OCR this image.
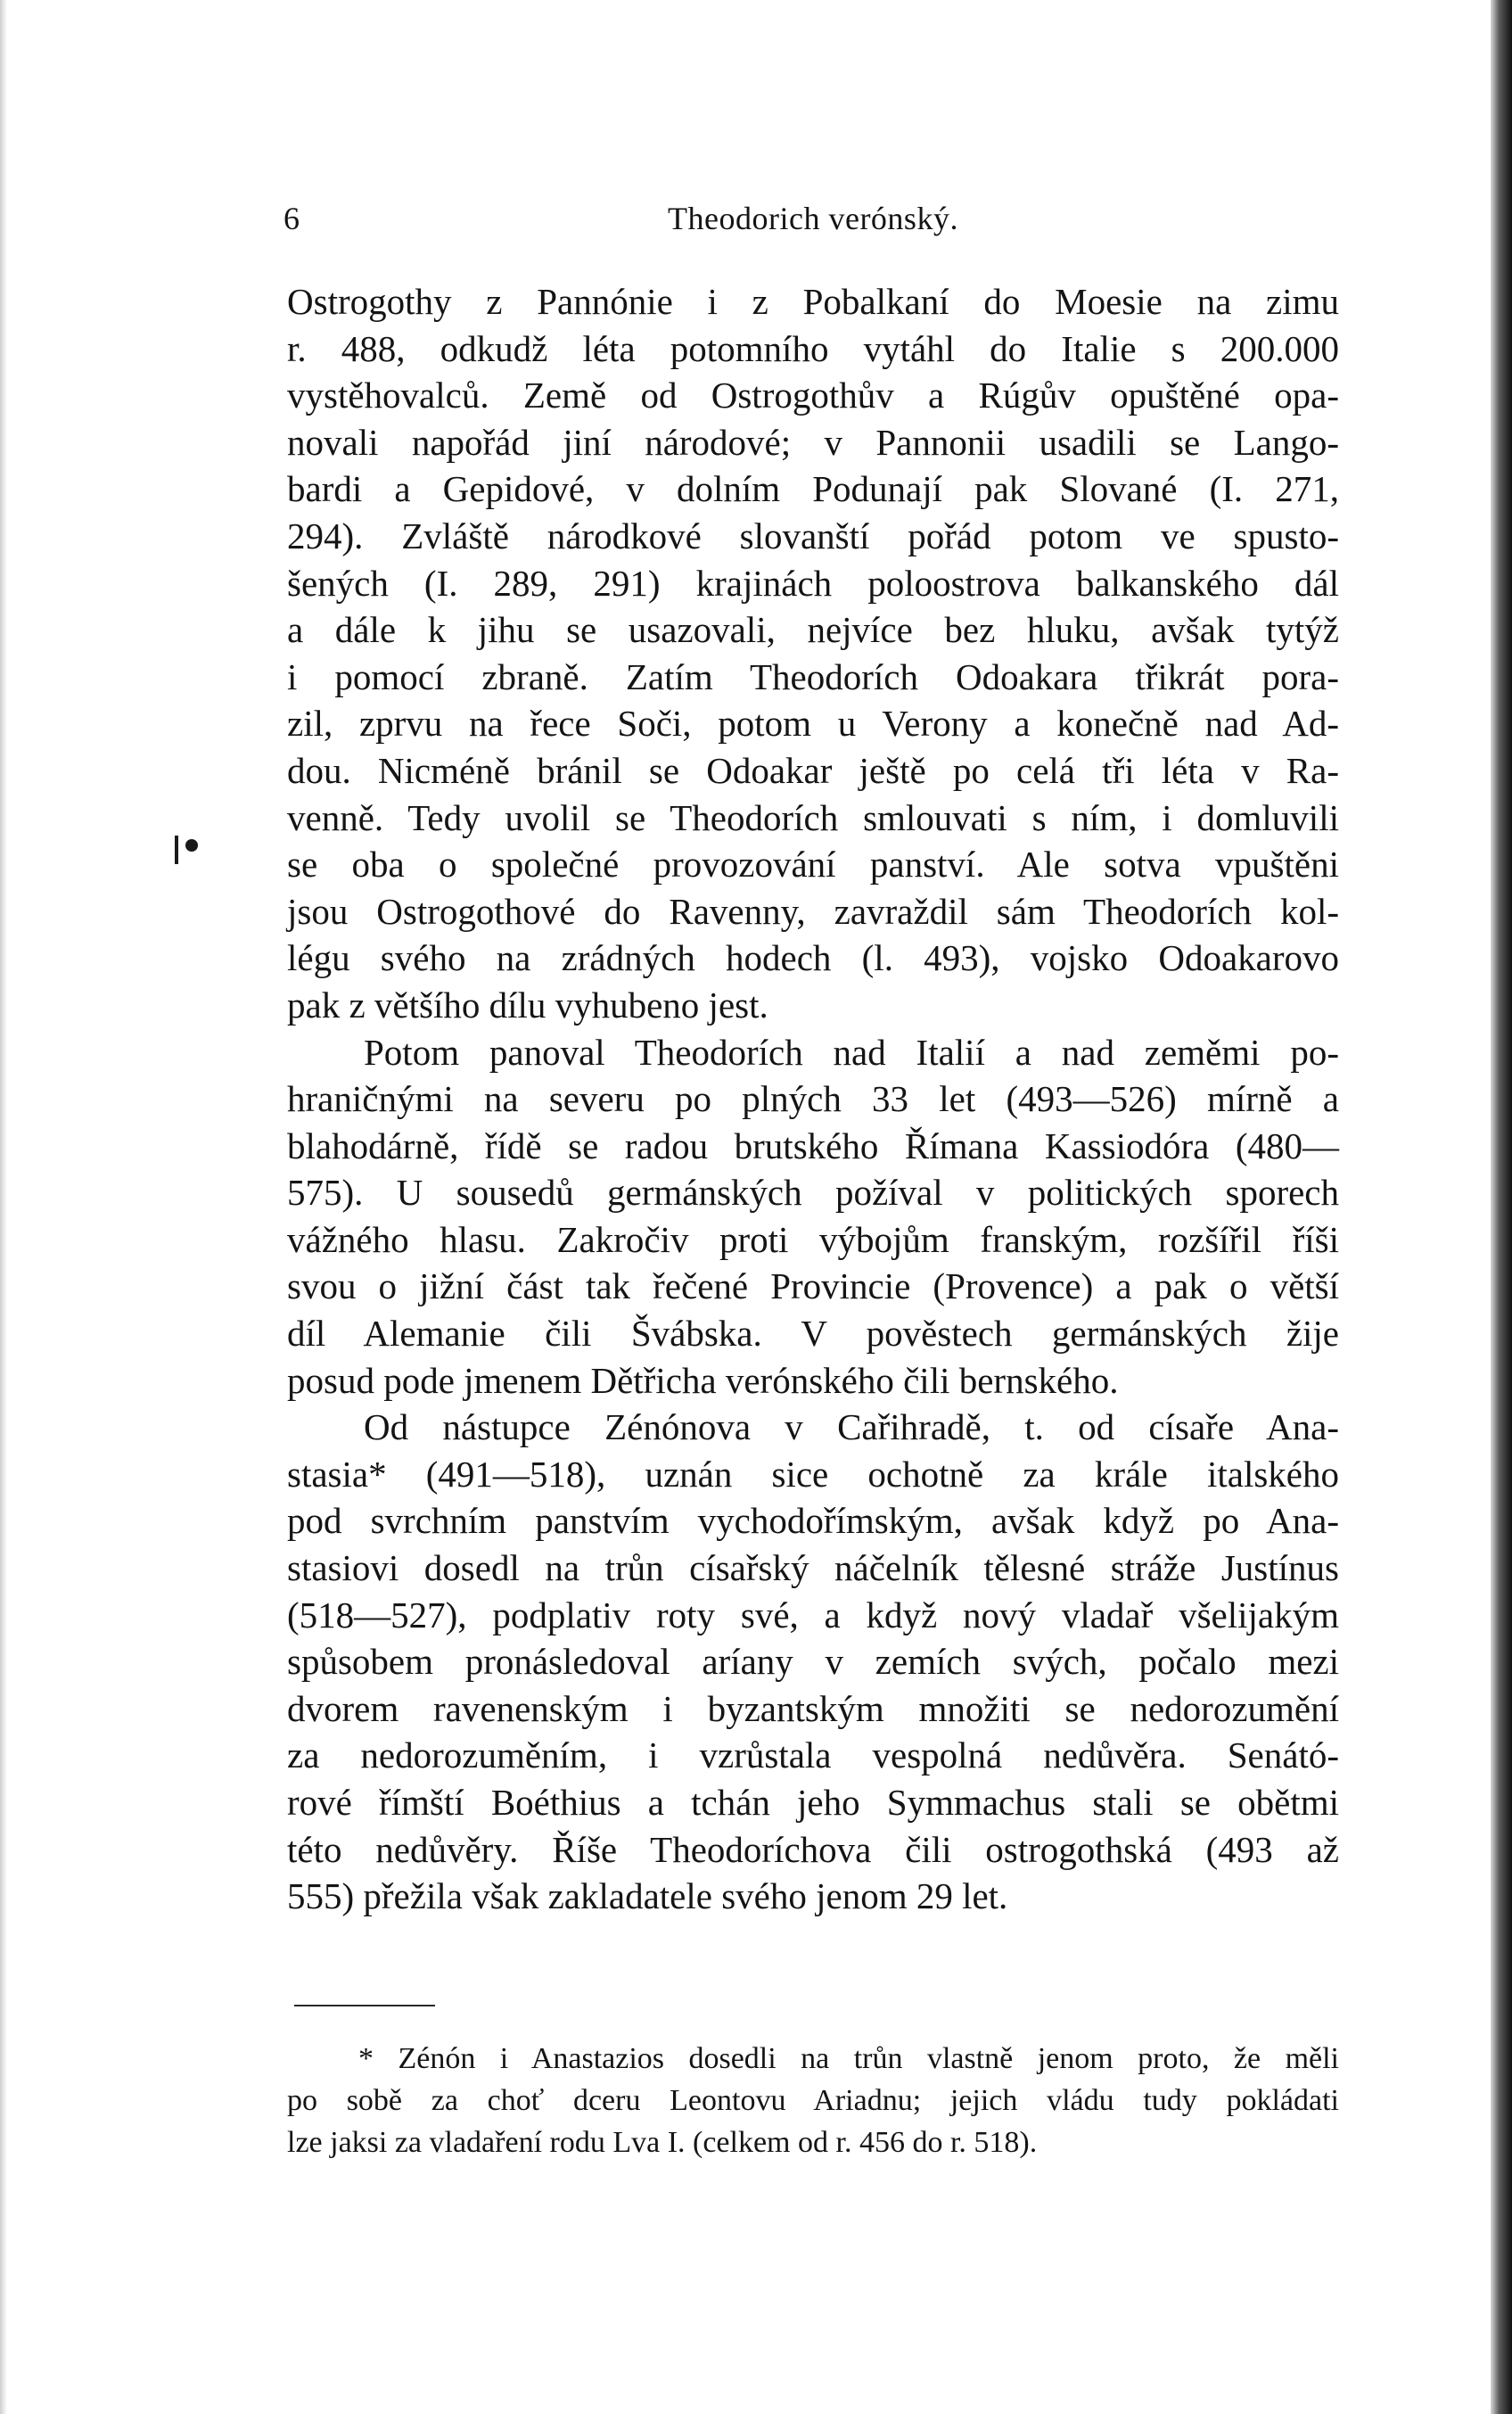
6	Theodorich verónský.
Ostrogothy z Pannónie i z Pobalkaní do Moesie na zimu
r. 488, odkudž léta potomního vytáhl do Italie s 200.000
vystěhovalců. Země od Ostrogothův a Rúgův opuštěné opa-
novali napořád jiní národové; v Pannonii usadili se Lango-
bardi a Gepidové, v dolním Podunají pak Slované (I. 271,
294). Zvláště národkové slovanští pořád potom ve spusto-
šených (I. 289, 291) krajinách poloostrova balkanského dál
a dále k jihu se usazovali, nejvíce bez hluku, avšak tytýž
i pomocí zbraně. Zatím Theodorích Odoakara třikrát pora-
zil, zprvu na řece Soči, potom u Verony a konečně nad Ad-
dou. Nicméně bránil se Odoakar ještě po celá tři léta v Ra-
venně. Tedy uvolil se Theodorích smlouvati s ním, i domluvili
se oba o společné provozování panství. Ale sotva vpuštěni
jsou Ostrogothové do Ravenny, zavraždil sám Theodorích kol-
légu svého na zrádných hodech (l. 493), vojsko Odoakarovo
pak z většího dílu vyhubeno jest.
Potom panoval Theodorích nad Italií a nad zeměmi po-
hraničnými na severu po plných 33 let (493—526) mírně a
blahodárně, řídě se radou brutského Římana Kassiodóra (480—
575). U sousedů germánských požíval v politických sporech
vážného hlasu. Zakročiv proti výbojům franským, rozšířil říši
svou o jižní část tak řečené Provincie (Provence) a pak o větší
díl Alemanie čili Švábska. V pověstech germánských žije
posud pode jmenem Dětřicha verónského čili bernského.
Od nástupce Zénónova v Cařihradě, t. od císaře Ana-
stasia* (491—518), uznán sice ochotně za krále italského
pod svrchním panstvím vychodořímským, avšak když po Ana-
stasiovi dosedl na trůn císařský náčelník tělesné stráže Justínus
(518—527), podplativ roty své, a když nový vladař všelijakým
spůsobem pronásledoval aríany v zemích svých, počalo mezi
dvorem ravenenským i byzantským množiti se nedorozumění
za nedorozuměním, i vzrůstala vespolná nedůvěra. Senátó-
rové římští Boéthius a tchán jeho Symmachus stali se obětmi
této nedůvěry. Říše Theodoríchova čili ostrogothská (493 až
555) přežila však zakladatele svého jenom 29 let.
* Zénón i Anastazios dosedli na trůn vlastně jenom proto, že měli
po sobě za choť dceru Leontovu Ariadnu; jejich vládu tudy pokládati
lze jaksi za vladaření rodu Lva I. (celkem od r. 456 do r. 518).
